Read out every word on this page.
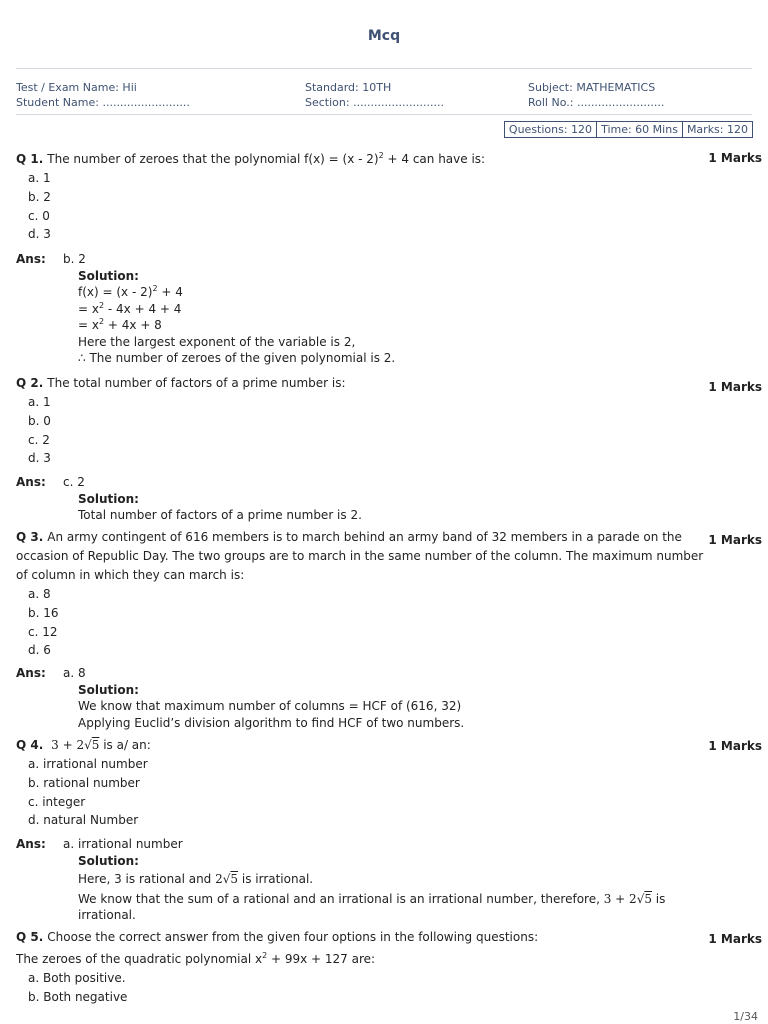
Mcq
Test / Exam Name: Hii
Student Name: .........................
Standard: 10TH
Section: ..........................
Subject: MATHEMATICS
Roll No.: .........................
Questions: 120 Time: 60 Mins Marks: 120
Q 1. The number of zeroes that the polynomial f(x) = (x - 2)$^2$ + 4 can have is:
a. 1
b. 2
c. 0
d. 3
1 Marks
Ans: b. 2
Solution:
f(x) = (x - 2)$^2$ + 4
= $x^2 - 4x + 4 + 4$
= $x^2 + 4x + 8$
Here the largest exponent of the variable is 2,
∴ The number of zeroes of the given polynomial is 2.
Q 2. The total number of factors of a prime number is:
a. 1
b. 0
c. 2
d. 3
1 Marks
Ans: c. 2
Solution:
Total number of factors of a prime number is 2.
Q 3. An army contingent of 616 members is to march behind an army band of 32 members in a parade on the occasion of Republic Day. The two groups are to march in the same number of the column. The maximum number of column in which they can march is:
a. 8
b. 16
c. 12
d. 6
1 Marks
Ans: a. 8
Solution:
We know that maximum number of columns = HCF of (616, 32)
Applying Euclid’s division algorithm to find HCF of two numbers.
Q 4. 3 + 2√5 is a/ an:
a. irrational number
b. rational number
c. integer
d. natural Number
1 Marks
Ans: a. irrational number
Solution:
Here, 3 is rational and 2√5 is irrational.
We know that the sum of a rational and an irrational is an irrational number, therefore, 3 + 2√5 is
irrational.
Q 5. Choose the correct answer from the given four options in the following questions:
The zeroes of the quadratic polynomial $x^2 + 99x + 127$ are:
a. Both positive.
b. Both negative
1 Marks
1/34
